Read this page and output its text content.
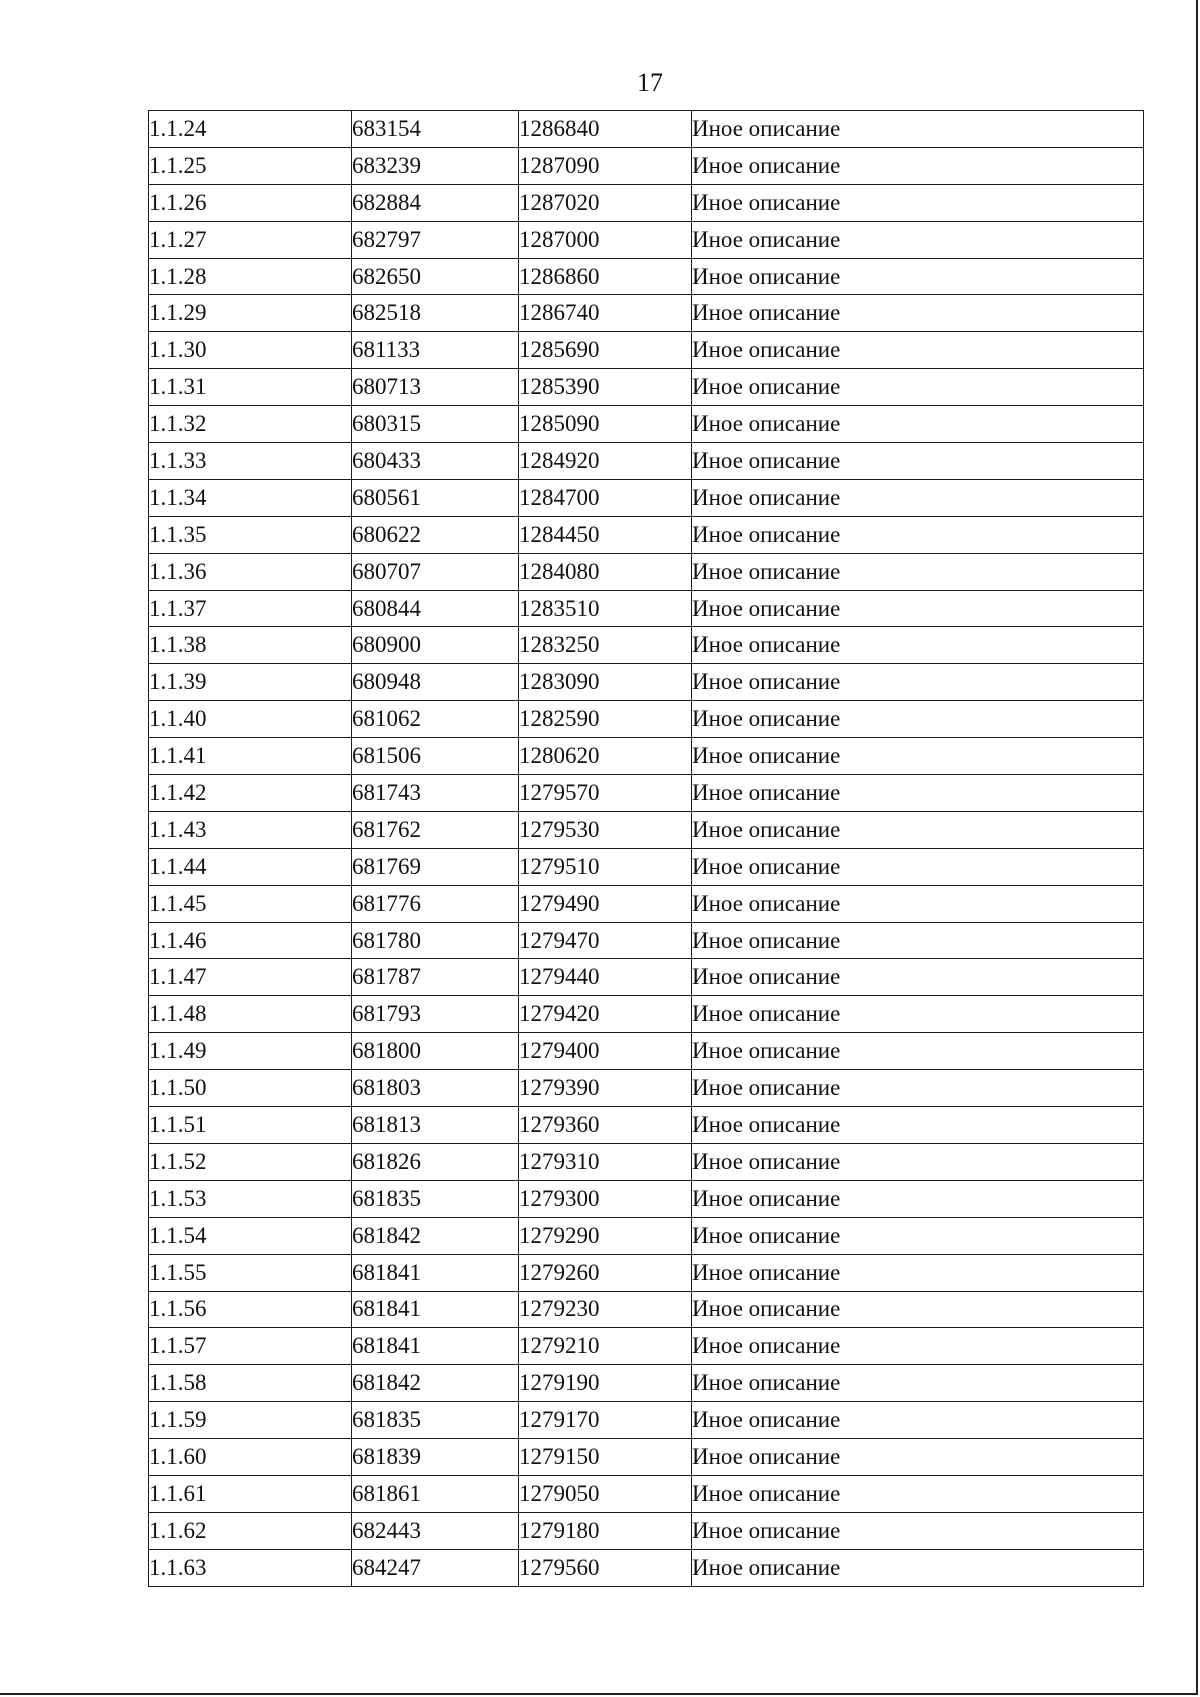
17
1.1.24	683154	1286840	Иное описание
1.1.25	683239	1287090	Иное описание
1.1.26	682884	1287020	Иное описание
1.1.27	682797	1287000	Иное описание
1.1.28	682650	1286860	Иное описание
1.1.29	682518	1286740	Иное описание
1.1.30	681133	1285690	Иное описание
1.1.31	680713	1285390	Иное описание
1.1.32	680315	1285090	Иное описание
1.1.33	680433	1284920	Иное описание
1.1.34	680561	1284700	Иное описание
1.1.35	680622	1284450	Иное описание
1.1.36	680707	1284080	Иное описание
1.1.37	680844	1283510	Иное описание
1.1.38	680900	1283250	Иное описание
1.1.39	680948	1283090	Иное описание
1.1.40	681062	1282590	Иное описание
1.1.41	681506	1280620	Иное описание
1.1.42	681743	1279570	Иное описание
1.1.43	681762	1279530	Иное описание
1.1.44	681769	1279510	Иное описание
1.1.45	681776	1279490	Иное описание
1.1.46	681780	1279470	Иное описание
1.1.47	681787	1279440	Иное описание
1.1.48	681793	1279420	Иное описание
1.1.49	681800	1279400	Иное описание
1.1.50	681803	1279390	Иное описание
1.1.51	681813	1279360	Иное описание
1.1.52	681826	1279310	Иное описание
1.1.53	681835	1279300	Иное описание
1.1.54	681842	1279290	Иное описание
1.1.55	681841	1279260	Иное описание
1.1.56	681841	1279230	Иное описание
1.1.57	681841	1279210	Иное описание
1.1.58	681842	1279190	Иное описание
1.1.59	681835	1279170	Иное описание
1.1.60	681839	1279150	Иное описание
1.1.61	681861	1279050	Иное описание
1.1.62	682443	1279180	Иное описание
1.1.63	684247	1279560	Иное описание
